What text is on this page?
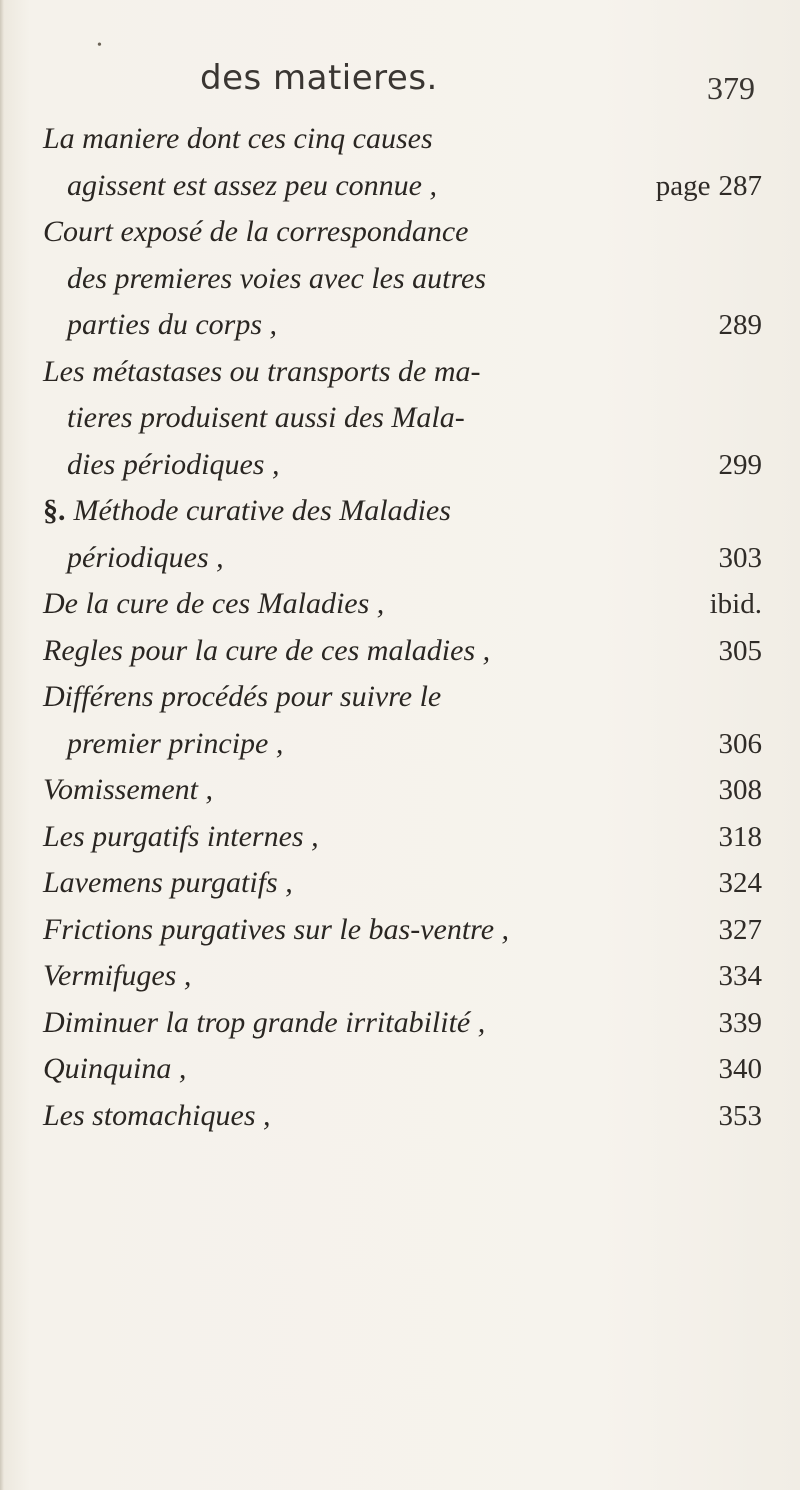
•
des matieres.	379
La maniere dont ces cinq causes
agissent est assez peu connue ,	page 287
Court exposé de la correspondance
des premieres voies avec les autres
parties du corps ,	289
Les métastases ou transports de ma-
tieres produisent aussi des Mala-
dies périodiques ,	299
§. Méthode curative des Maladies
périodiques ,	303
De la cure de ces Maladies ,	ibid.
Regles pour la cure de ces maladies ,	305
Différens procédés pour suivre le
premier principe ,	306
Vomissement ,	308
Les purgatifs internes ,	318
Lavemens purgatifs ,	324
Frictions purgatives sur le bas-ventre ,	327
Vermifuges ,	334
Diminuer la trop grande irritabilité ,	339
Quinquina ,	340
Les stomachiques ,	353
